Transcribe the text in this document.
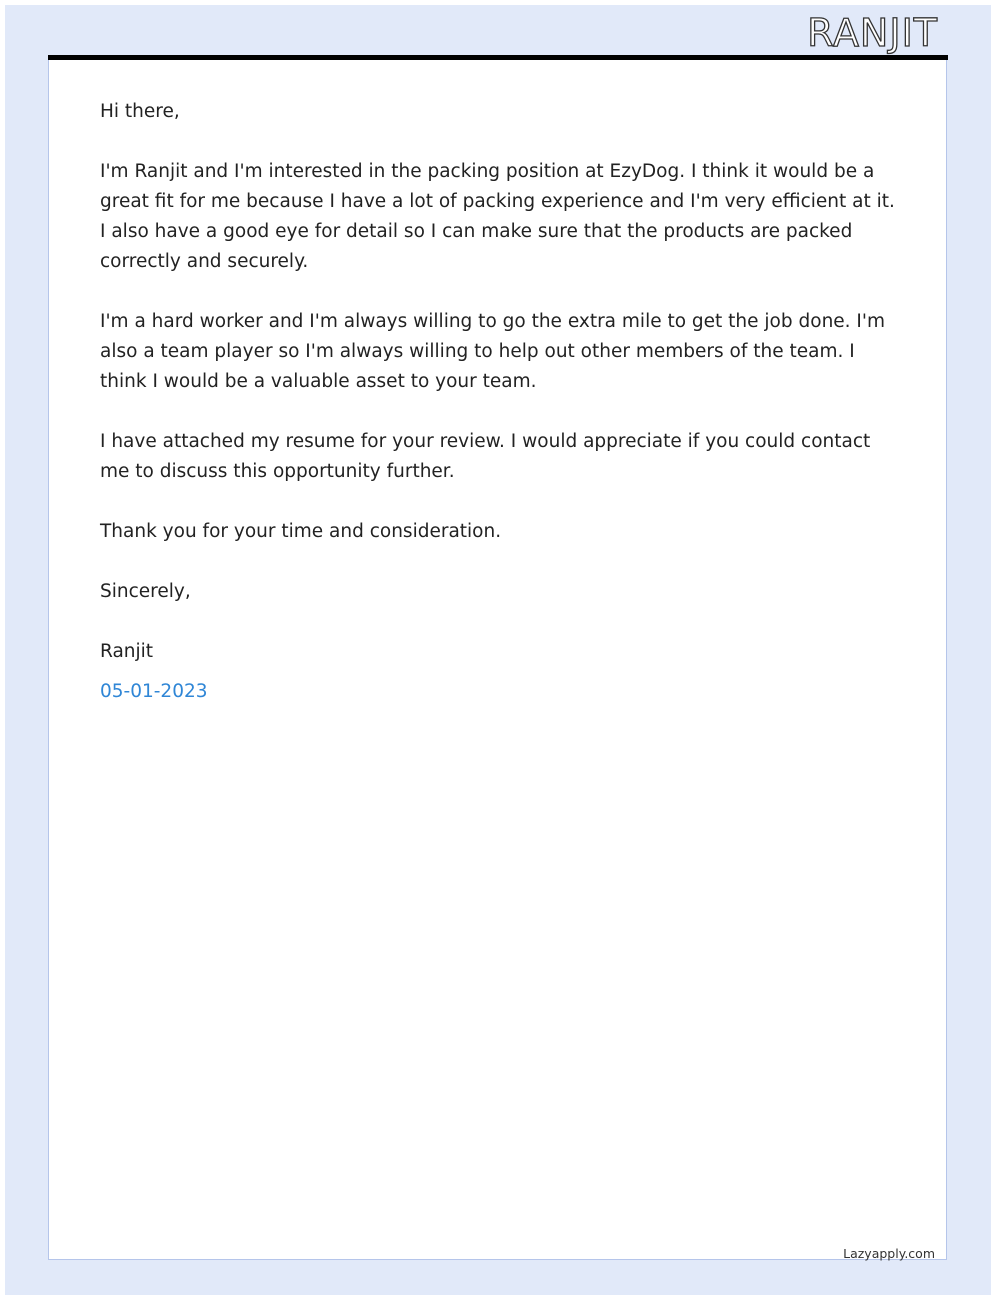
RANJIT

Hi there,

I'm Ranjit and I'm interested in the packing position at EzyDog. I think it would be a great fit for me because I have a lot of packing experience and I'm very efficient at it. I also have a good eye for detail so I can make sure that the products are packed correctly and securely.

I'm a hard worker and I'm always willing to go the extra mile to get the job done. I'm also a team player so I'm always willing to help out other members of the team. I think I would be a valuable asset to your team.

I have attached my resume for your review. I would appreciate if you could contact me to discuss this opportunity further.

Thank you for your time and consideration.

Sincerely,

Ranjit

05-01-2023

Lazyapply.com
